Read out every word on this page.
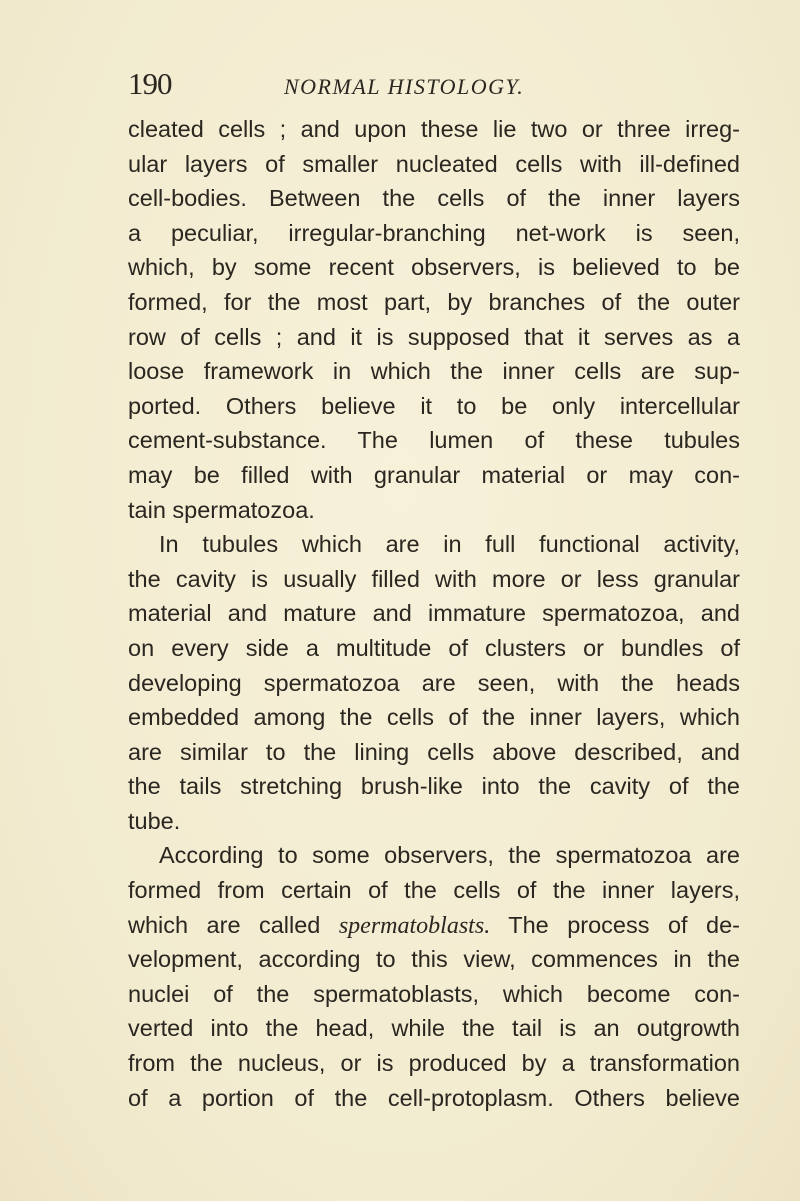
190	NORMAL HISTOLOGY.
cleated cells ; and upon these lie two or three irreg-
ular layers of smaller nucleated cells with ill-defined
cell-bodies. Between the cells of the inner layers
a peculiar, irregular-branching net-work is seen,
which, by some recent observers, is believed to be
formed, for the most part, by branches of the outer
row of cells ; and it is supposed that it serves as a
loose framework in which the inner cells are sup-
ported. Others believe it to be only intercellular
cement-substance. The lumen of these tubules
may be filled with granular material or may con-
tain spermatozoa.
In tubules which are in full functional activity,
the cavity is usually filled with more or less granular
material and mature and immature spermatozoa, and
on every side a multitude of clusters or bundles of
developing spermatozoa are seen, with the heads
embedded among the cells of the inner layers, which
are similar to the lining cells above described, and
the tails stretching brush-like into the cavity of the
tube.
According to some observers, the spermatozoa are
formed from certain of the cells of the inner layers,
which are called spermatoblasts. The process of de-
velopment, according to this view, commences in the
nuclei of the spermatoblasts, which become con-
verted into the head, while the tail is an outgrowth
from the nucleus, or is produced by a transformation
of a portion of the cell-protoplasm. Others believe
